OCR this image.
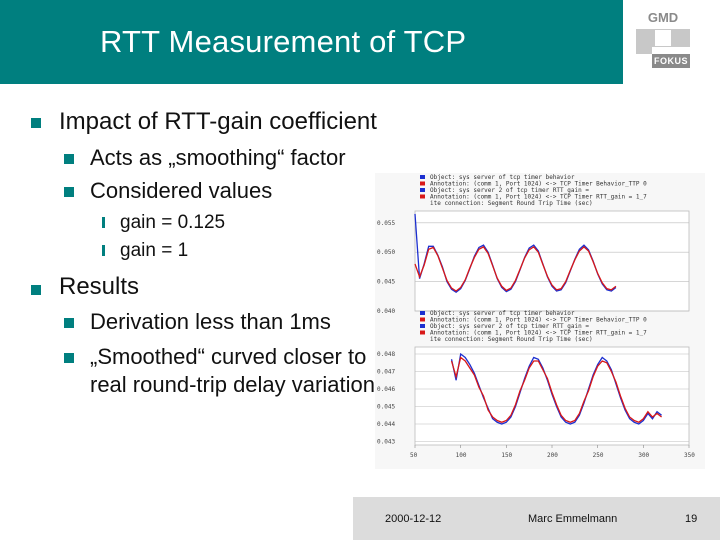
RTT Measurement of TCP
GMD
FOKUS
Impact of RTT-gain coefficient
Acts as „smoothing“ factor
Considered values
gain = 0.125
gain = 1
Results
Derivation less than 1ms
„Smoothed“ curved closer to real round-trip delay variation
Object: sys server of tcp timer behavior
Annotation: (comm 1, Port 1024) <-> TCP Timer Behavior_TTP 0
Object: sys server 2 of tcp timer RTT_gain =
Annotation: (comm 1, Port 1024) <-> TCP Timer RTT_gain = 1_7
ite connection: Segment Round Trip Time (sec)
0.055
0.050
0.045
0.040	Object: sys server of tcp timer behavior
Annotation: (comm 1, Port 1024) <-> TCP Timer Behavior_TTP 0
Object: sys server 2 of tcp timer RTT_gain =
Annotation: (comm 1, Port 1024) <-> TCP Timer RTT_gain = 1_7
ite connection: Segment Round Trip Time (sec)
0.048
0.047
0.046
0.045
0.044
0.043
50	100	150	200	250	300	350
2000-12-12	Marc Emmelmann	19
